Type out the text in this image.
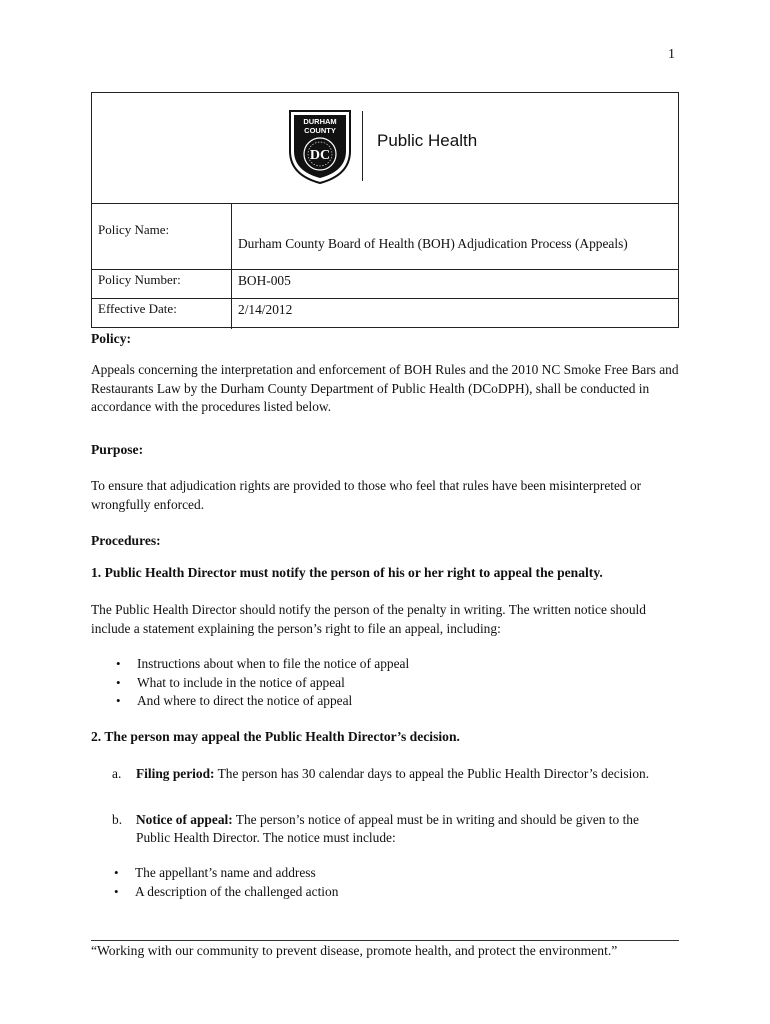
1
DURHAM
COUNTY
DC
Public Health
Policy Name:
Durham County Board of Health (BOH) Adjudication Process (Appeals)
Policy Number:	BOH-005
Effective Date:	2/14/2012
Policy:
Appeals concerning the interpretation and enforcement of BOH Rules and the 2010 NC Smoke Free Bars and Restaurants Law by the Durham County Department of Public Health (DCoDPH), shall be conducted in accordance with the procedures listed below.
Purpose:
To ensure that adjudication rights are provided to those who feel that rules have been misinterpreted or wrongfully enforced.
Procedures:
1. Public Health Director must notify the person of his or her right to appeal the penalty.
The Public Health Director should notify the person of the penalty in writing. The written notice should include a statement explaining the person’s right to file an appeal, including:
• Instructions about when to file the notice of appeal
• What to include in the notice of appeal
• And where to direct the notice of appeal
2. The person may appeal the Public Health Director’s decision.
a.	Filing period: The person has 30 calendar days to appeal the Public Health Director’s decision.
b.	Notice of appeal: The person’s notice of appeal must be in writing and should be given to the Public Health Director. The notice must include:
• The appellant’s name and address
• A description of the challenged action
“Working with our community to prevent disease, promote health, and protect the environment.”
